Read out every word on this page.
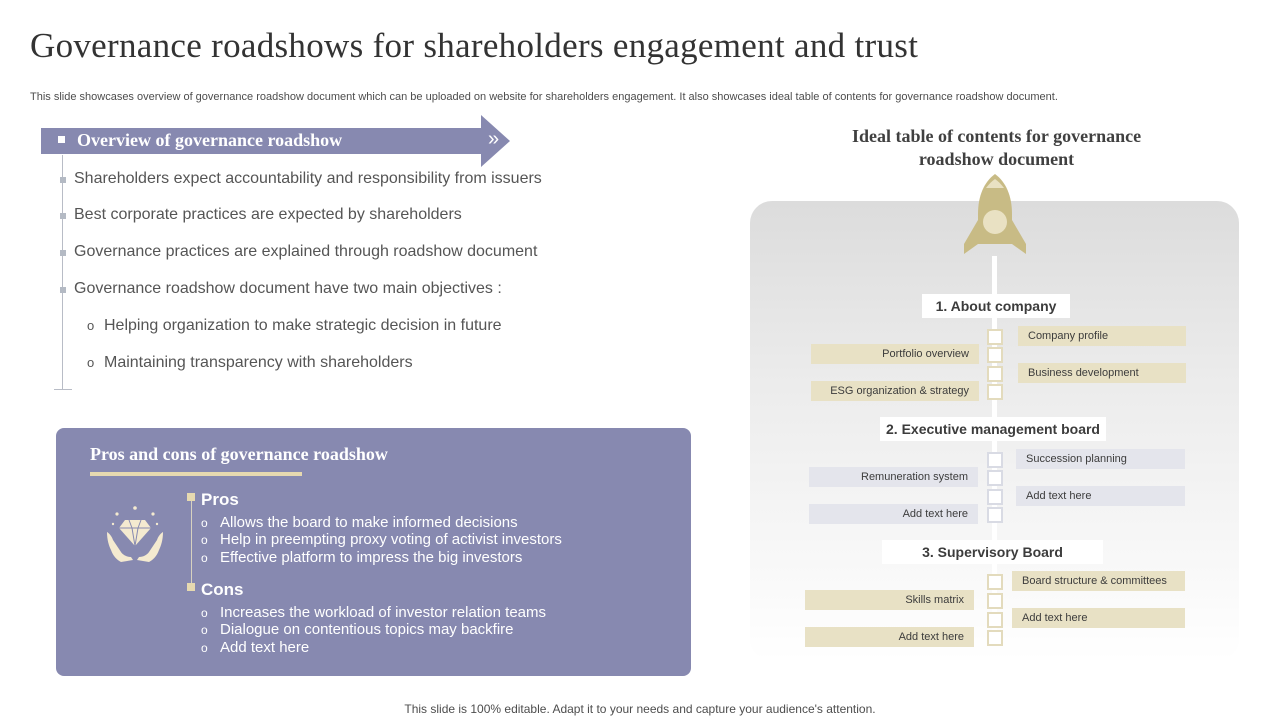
Governance roadshows for shareholders engagement and trust
This slide showcases overview of governance roadshow document which can be uploaded on website for shareholders engagement. It also showcases ideal table of contents for governance roadshow document.
Overview of governance roadshow	»
Shareholders expect accountability and responsibility from issuers
Best corporate practices are expected by shareholders
Governance practices are explained through roadshow document
Governance roadshow document have two main objectives :
o Helping organization to make strategic decision in future
o Maintaining transparency with shareholders
Pros and cons of governance roadshow
Pros
o Allows the board to make informed decisions
o Help in preempting proxy voting of activist investors
o Effective platform to impress the big investors
Cons
o Increases the workload of investor relation teams
o Dialogue on contentious topics may backfire
o Add text here
Ideal table of contents for governance roadshow document
1. About company
Company profile
Portfolio overview
Business development
ESG organization & strategy
2. Executive management board
Succession planning
Remuneration system
Add text here
Add text here
3. Supervisory Board
Board structure & committees
Skills matrix
Add text here
Add text here
This slide is 100% editable. Adapt it to your needs and capture your audience's attention.
